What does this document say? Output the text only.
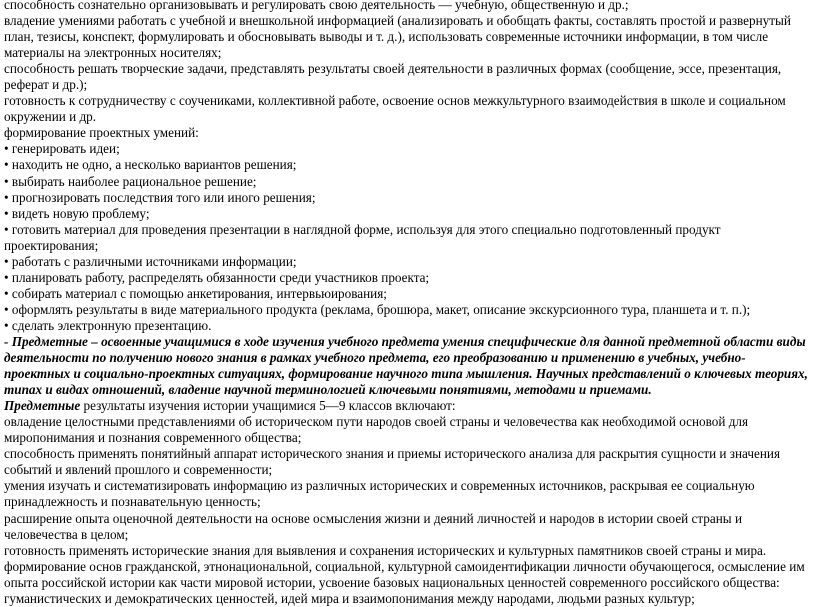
способность сознательно организовывать и регулировать свою деятельность — учебную, общественную и др.;

владение умениями работать с учебной и внешкольной информацией (анализировать и обобщать факты, составлять простой и развернутый план, тезисы, конспект, формулировать и обосновывать выводы и т. д.), использовать современные источники информации, в том числе материалы на электронных носителях;

способность решать творческие задачи, представлять результаты своей деятельности в различных формах (сообщение, эссе, презентация, реферат и др.);

готовность к сотрудничеству с соучениками, коллективной работе, освоение основ межкультурного взаимодействия в школе и социальном окружении и др.

формирование проектных умений:

• генерировать идеи;

• находить не одно, а несколько вариантов решения;

• выбирать наиболее рациональное решение;

• прогнозировать последствия того или иного решения;

• видеть новую проблему;

• готовить материал для проведения презентации в наглядной форме, используя для этого специально подготовленный продукт проектирования;

• работать с различными источниками информации;

• планировать работу, распределять обязанности среди участников проекта;

• собирать материал с помощью анкетирования, интервьюирования;

• оформлять результаты в виде материального продукта (реклама, брошюра, макет, описание экскурсионного тура, планшета и т. п.);

• сделать электронную презентацию.

- Предметные – освоенные учащимися в ходе изучения учебного предмета умения специфические для данной предметной области виды деятельности по получению нового знания в рамках учебного предмета, его преобразованию и применению в учебных, учебно-проектных и социально-проектных ситуациях, формирование научного типа мышления. Научных представлений о ключевых теориях, типах и видах отношений, владение научной терминологией ключевыми понятиями, методами и приемами.

Предметные результаты изучения истории учащимися 5—9 классов включают:

овладение целостными представлениями об историческом пути народов своей страны и человечества как необходимой основой для миропонимания и познания современного общества;

способность применять понятийный аппарат исторического знания и приемы исторического анализа для раскрытия сущности и значения событий и явлений прошлого и современности;

умения изучать и систематизировать информацию из различных исторических и современных источников, раскрывая ее социальную принадлежность и познавательную ценность;

расширение опыта оценочной деятельности на основе осмысления жизни и деяний личностей и народов в истории своей страны и человечества в целом;

готовность применять исторические знания для выявления и сохранения исторических и культурных памятников своей страны и мира.

формирование основ гражданской, этнонациональной, социальной, культурной самоидентификации личности обучающегося, осмысление им опыта российской истории как части мировой истории, усвоение базовых национальных ценностей современного российского общества: гуманистических и демократических ценностей, идей мира и взаимопонимания между народами, людьми разных культур;
